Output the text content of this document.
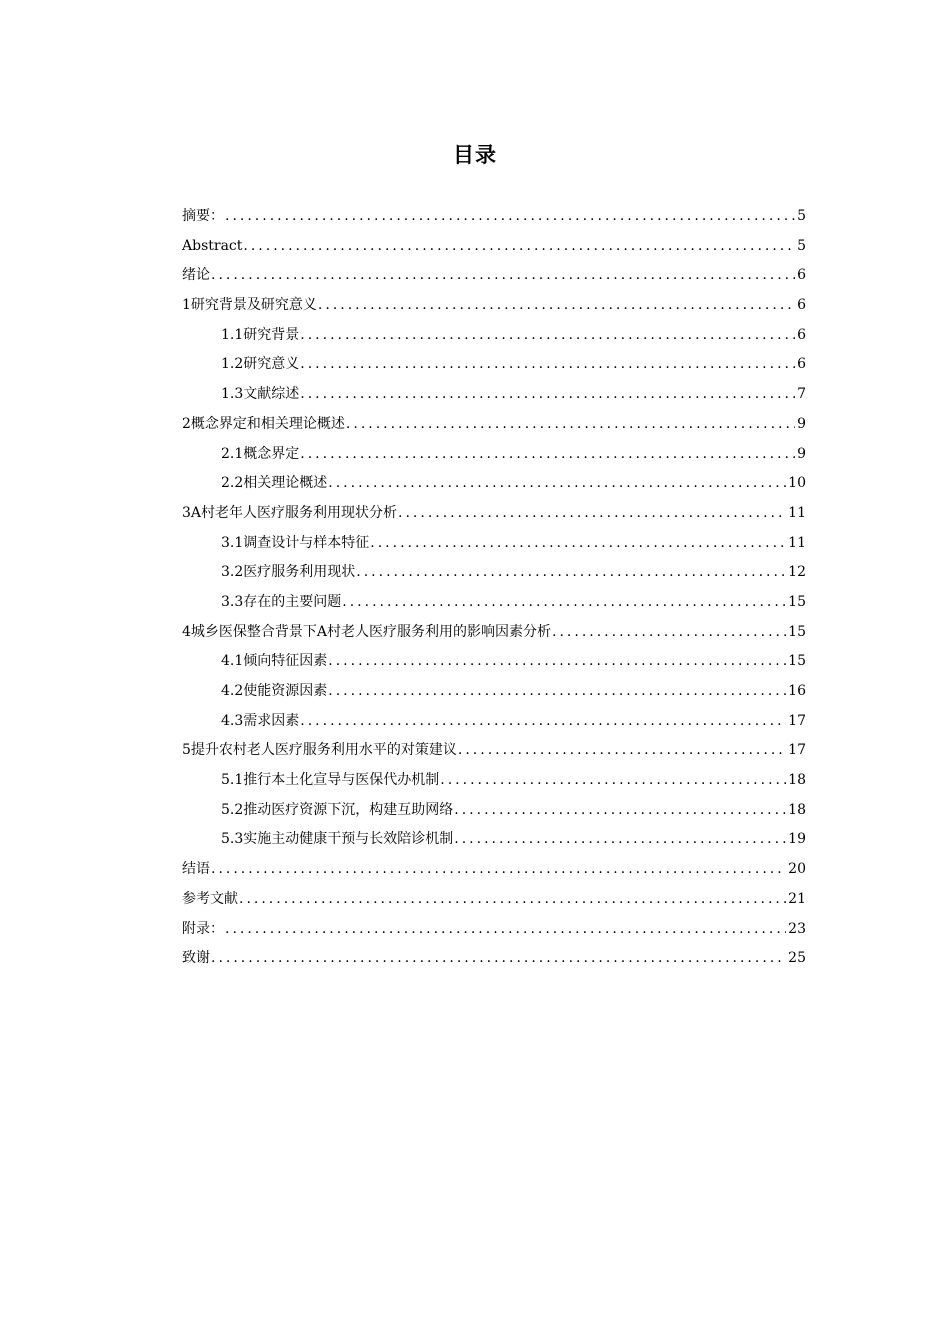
目录
摘要： .....	5
Abstract .....	5
绪论 .....	6
1研究背景及研究意义 .....	6
1.1研究背景 .....	6
1.2研究意义 .....	6
1.3文献综述 .....	7
2概念界定和相关理论概述 .....	9
2.1概念界定 .....	9
2.2相关理论概述 .....	10
3A村老年人医疗服务利用现状分析 .....	11
3.1调查设计与样本特征 .....	11
3.2医疗服务利用现状 .....	12
3.3存在的主要问题 .....	15
4城乡医保整合背景下A村老人医疗服务利用的影响因素分析 .....	15
4.1倾向特征因素 .....	15
4.2使能资源因素 .....	16
4.3需求因素 .....	17
5提升农村老人医疗服务利用水平的对策建议 .....	17
5.1推行本土化宣导与医保代办机制 .....	18
5.2推动医疗资源下沉，构建互助网络 .....	18
5.3实施主动健康干预与长效陪诊机制 .....	19
结语 .....	20
参考文献 .....	21
附录： .....	23
致谢 .....	25
